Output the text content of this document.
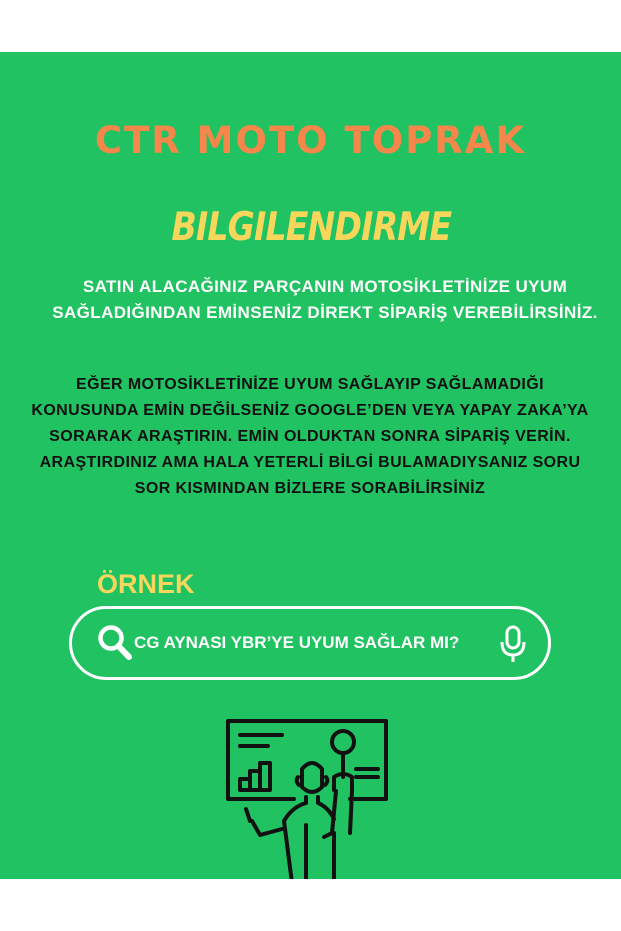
CTR MOTO TOPRAK
BILGILENDIRME
SATIN ALACAĞINIZ PARÇANIN MOTOSİKLETİNİZE UYUM SAĞLADIĞINDAN EMİNSENİZ DİREKT SİPARİŞ VEREBİLİRSİNİZ.
EĞER MOTOSİKLETİNİZE UYUM SAĞLAYIP SAĞLAMADIĞI KONUSUNDA EMİN DEĞİLSENİZ GOOGLE’DEN VEYA YAPAY ZAKA’YA SORARAK ARAŞTIRIN. EMİN OLDUKTAN SONRA SİPARİŞ VERİN. ARAŞTIRDINIZ AMA HALA YETERLİ BİLGİ BULAMADIYSANIZ SORU SOR KISMINDAN BİZLERE SORABİLİRSİNİZ
ÖRNEK
CG AYNASI YBR’YE UYUM SAĞLAR MI?
